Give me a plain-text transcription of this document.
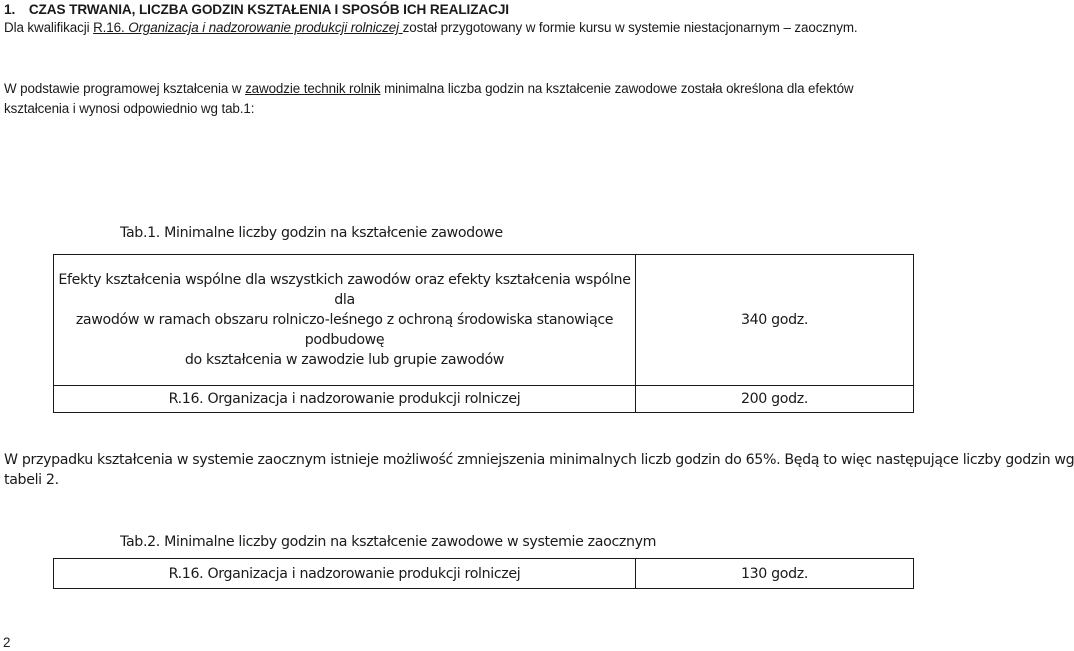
1. CZAS TRWANIA, LICZBA GODZIN KSZTAŁENIA I SPOSÓB ICH REALIZACJI
Dla kwalifikacji R.16. Organizacja i nadzorowanie produkcji rolniczej został przygotowany w formie kursu w systemie niestacjonarnym – zaocznym.
W podstawie programowej kształcenia w zawodzie technik rolnik minimalna liczba godzin na kształcenie zawodowe została określona dla efektów
kształcenia i wynosi odpowiednio wg tab.1:
Tab.1. Minimalne liczby godzin na kształcenie zawodowe
Efekty kształcenia wspólne dla wszystkich zawodów oraz efekty kształcenia wspólne dla
zawodów w ramach obszaru rolniczo-leśnego z ochroną środowiska stanowiące podbudowę
do kształcenia w zawodzie lub grupie zawodów	340 godz.
R.16. Organizacja i nadzorowanie produkcji rolniczej	200 godz.
W przypadku kształcenia w systemie zaocznym istnieje możliwość zmniejszenia minimalnych liczb godzin do 65%. Będą to więc następujące liczby godzin wg
tabeli 2.
Tab.2. Minimalne liczby godzin na kształcenie zawodowe w systemie zaocznym
R.16. Organizacja i nadzorowanie produkcji rolniczej	130 godz.
2
